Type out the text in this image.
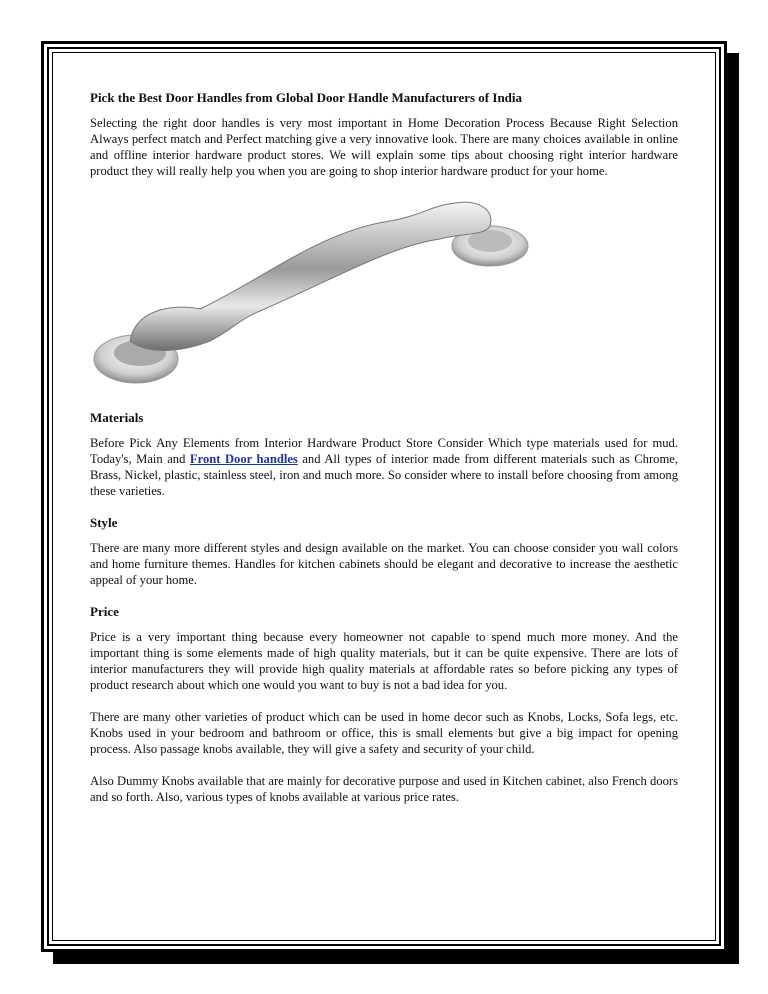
Pick the Best Door Handles from Global Door Handle Manufacturers of India

Selecting the right door handles is very most important in Home Decoration Process Because Right Selection Always perfect match and Perfect matching give a very innovative look. There are many choices available in online and offline interior hardware product stores. We will explain some tips about choosing right interior hardware product they will really help you when you are going to shop interior hardware product for your home.

Materials

Before Pick Any Elements from Interior Hardware Product Store Consider Which type materials used for mud. Today's, Main and Front Door handles and All types of interior made from different materials such as Chrome, Brass, Nickel, plastic, stainless steel, iron and much more. So consider where to install before choosing from among these varieties.

Style

There are many more different styles and design available on the market. You can choose consider you wall colors and home furniture themes. Handles for kitchen cabinets should be elegant and decorative to increase the aesthetic appeal of your home.

Price

Price is a very important thing because every homeowner not capable to spend much more money. And the important thing is some elements made of high quality materials, but it can be quite expensive. There are lots of interior manufacturers they will provide high quality materials at affordable rates so before picking any types of product research about which one would you want to buy is not a bad idea for you.

There are many other varieties of product which can be used in home decor such as Knobs, Locks, Sofa legs, etc. Knobs used in your bedroom and bathroom or office, this is small elements but give a big impact for opening process. Also passage knobs available, they will give a safety and security of your child.

Also Dummy Knobs available that are mainly for decorative purpose and used in Kitchen cabinet, also French doors and so forth. Also, various types of knobs available at various price rates.
